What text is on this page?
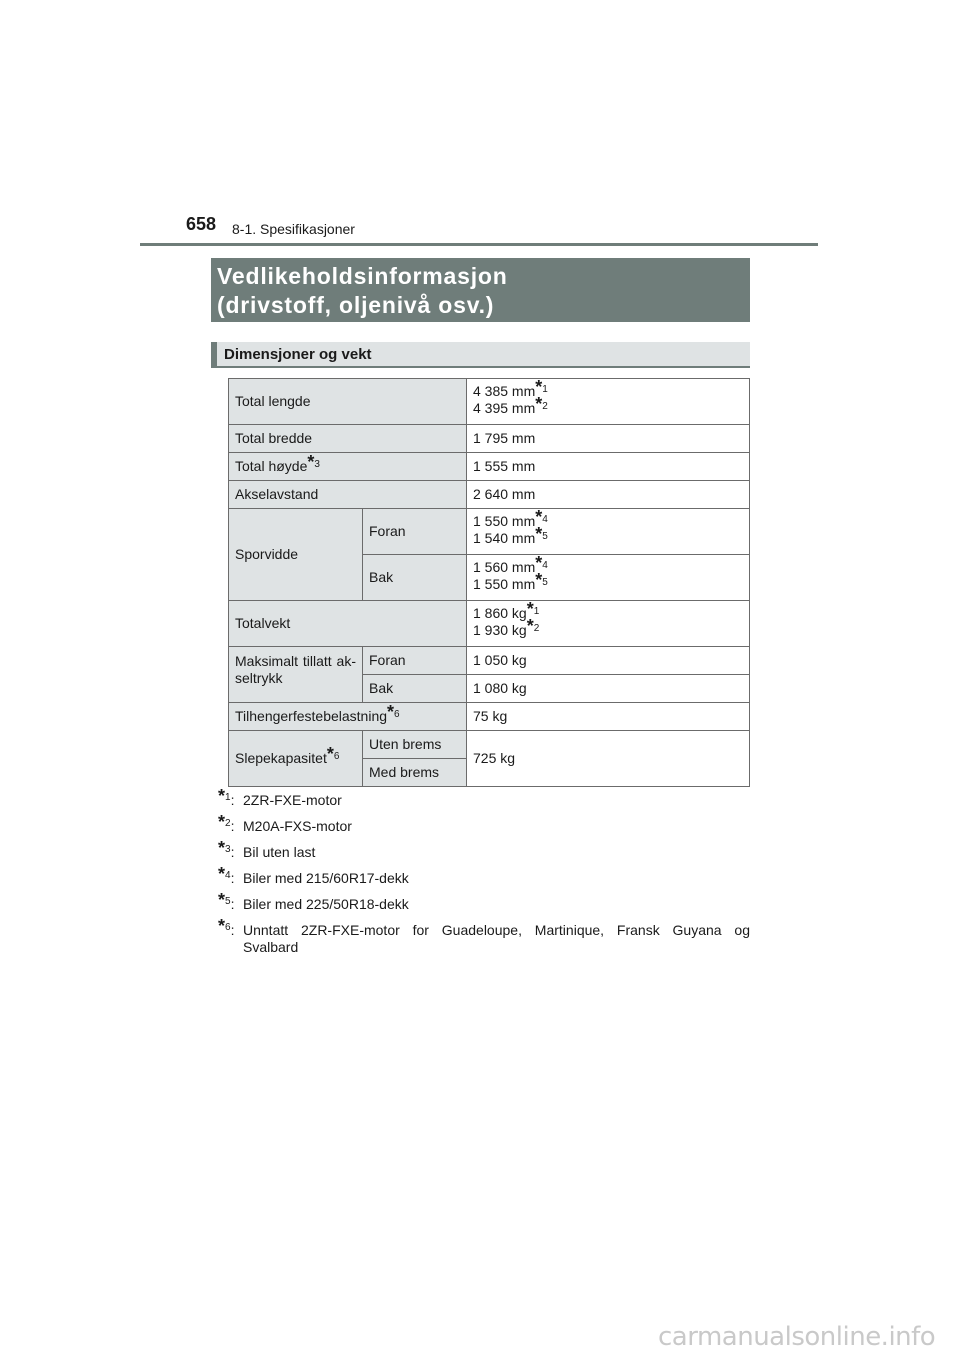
658 8-1. Spesifikasjoner
Vedlikeholdsinformasjon
(drivstoff, oljenivå osv.)
Dimensjoner og vekt
Total lengde		4 385 $mm^{*1}$
4 395 $mm^{*2}$

Total bredde		1 795 mm
Total høyde$^{*3}$		1 555 mm
Akselavstand		2 640 mm
Sporvidde	Foran	1 550 $mm^{*4}$
1 540 $mm^{*5}$

	Bak	1 560 $mm^{*4}$
1 550 $mm^{*5}$

Totalvekt		1 860 $kg^{*1}$
1 930 $kg^{*2}$

Maksimalt tillatt ak-
seltrykk	Foran	1 050 kg
	Bak	1 080 kg
Tilhengerfestebelastning$^{*6}$		75 kg
Slepekapasitet$^{*6}$	Uten brems	725 kg
	Med brems	
*$^1$: 2ZR-FXE-motor
*$^2$: M20A-FXS-motor
*$^3$: Bil uten last
*$^4$: Biler med 215/60R17-dekk
*$^5$: Biler med 225/50R18-dekk
*$^6$: Unntatt 2ZR-FXE-motor for Guadeloupe, Martinique, Fransk Guyana og
Svalbard
carmanualsonline.info
